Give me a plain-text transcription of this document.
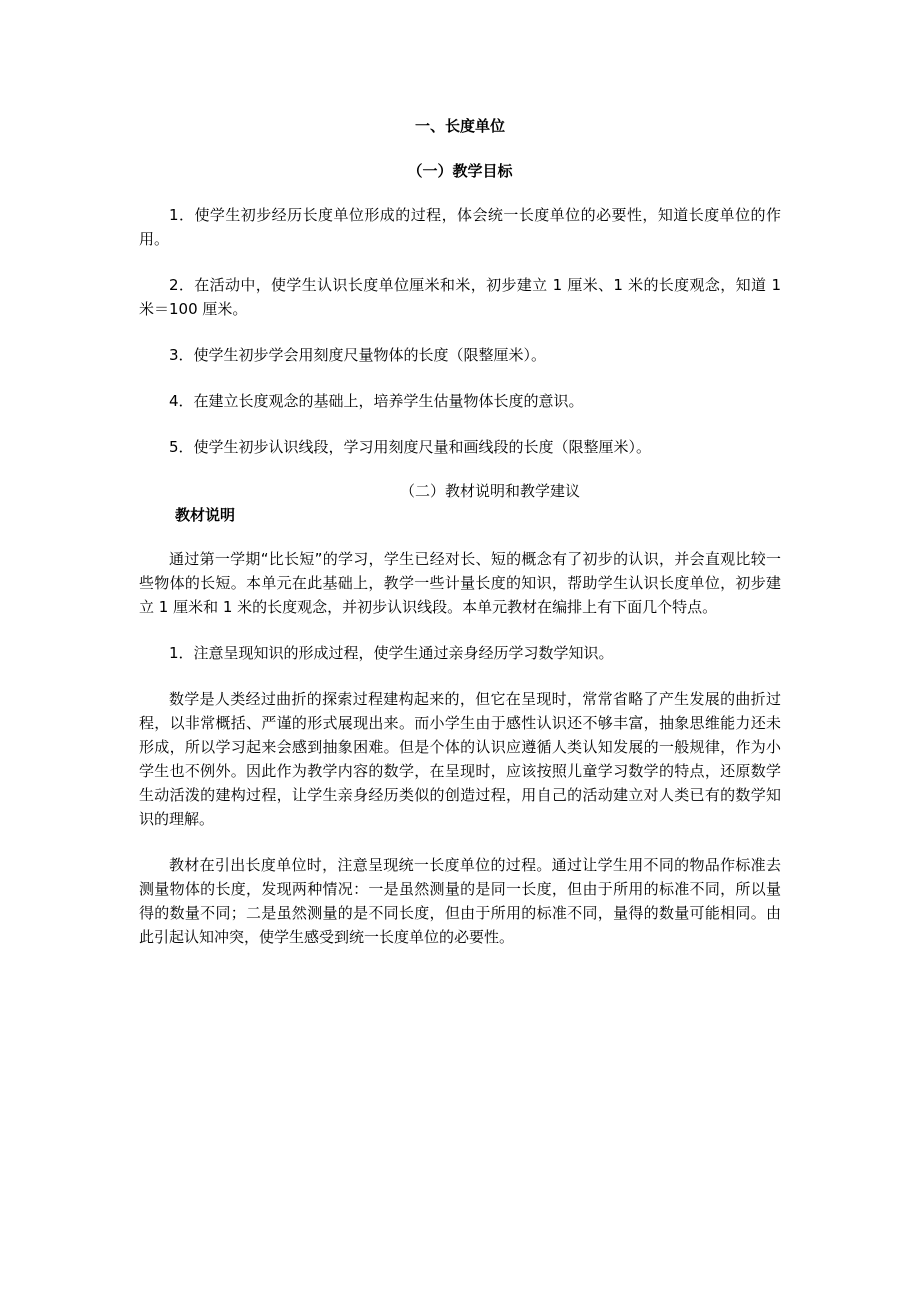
一、长度单位

（一）教学目标

1．使学生初步经历长度单位形成的过程，体会统一长度单位的必要性，知道长度单位的作用。

2．在活动中，使学生认识长度单位厘米和米，初步建立 1 厘米、1 米的长度观念，知道 1 米＝100 厘米。

3．使学生初步学会用刻度尺量物体的长度（限整厘米）。

4．在建立长度观念的基础上，培养学生估量物体长度的意识。

5．使学生初步认识线段，学习用刻度尺量和画线段的长度（限整厘米）。

（二）教材说明和教学建议

教材说明

通过第一学期“比长短”的学习，学生已经对长、短的概念有了初步的认识，并会直观比较一些物体的长短。本单元在此基础上，教学一些计量长度的知识，帮助学生认识长度单位，初步建立 1 厘米和 1 米的长度观念，并初步认识线段。本单元教材在编排上有下面几个特点。

1．注意呈现知识的形成过程，使学生通过亲身经历学习数学知识。

数学是人类经过曲折的探索过程建构起来的，但它在呈现时，常常省略了产生发展的曲折过程，以非常概括、严谨的形式展现出来。而小学生由于感性认识还不够丰富，抽象思维能力还未形成，所以学习起来会感到抽象困难。但是个体的认识应遵循人类认知发展的一般规律，作为小学生也不例外。因此作为教学内容的数学，在呈现时，应该按照儿童学习数学的特点，还原数学生动活泼的建构过程，让学生亲身经历类似的创造过程，用自己的活动建立对人类已有的数学知识的理解。

教材在引出长度单位时，注意呈现统一长度单位的过程。通过让学生用不同的物品作标准去测量物体的长度，发现两种情况：一是虽然测量的是同一长度，但由于所用的标准不同，所以量得的数量不同；二是虽然测量的是不同长度，但由于所用的标准不同，量得的数量可能相同。由此引起认知冲突，使学生感受到统一长度单位的必要性。
